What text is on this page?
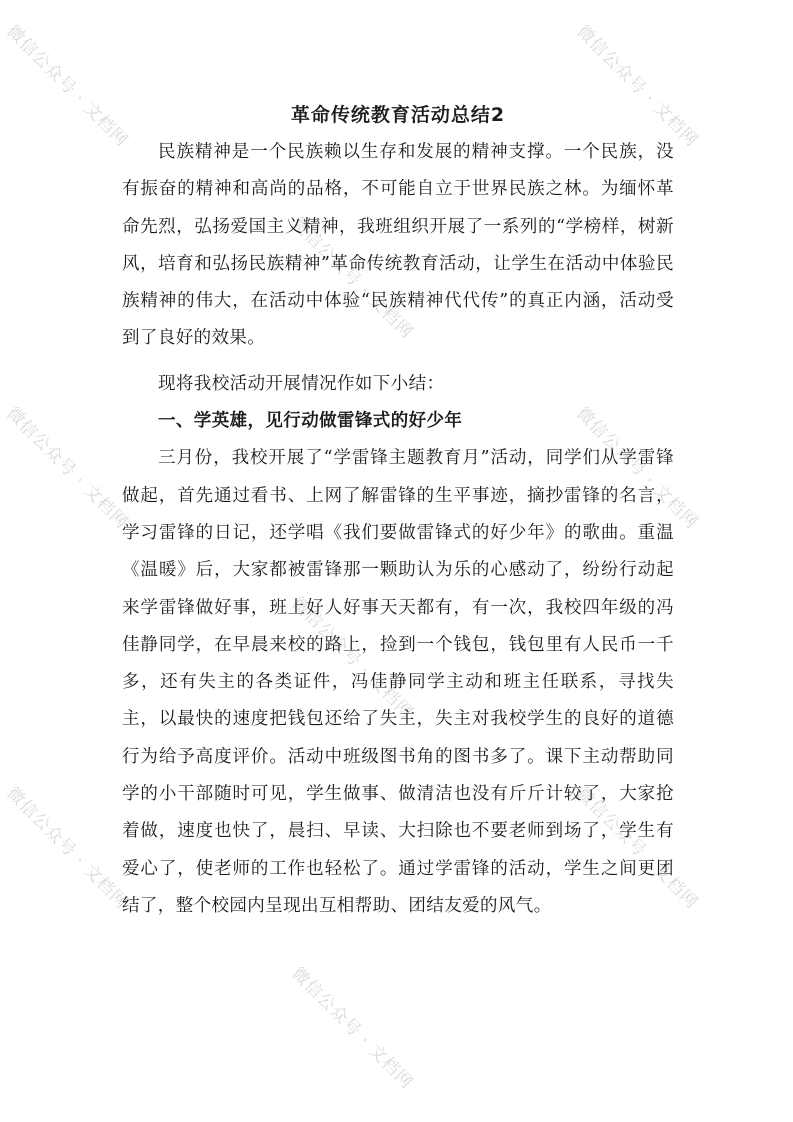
微信公众号 · 文档网	微信公众号 · 文档网
微信公众号 · 文档网
微信公众号 · 文档网	微信公众号 · 文档网
微信公众号 · 文档网
微信公众号 · 文档网	微信公众号 · 文档网
微信公众号 · 文档网
革命传统教育活动总结2

民族精神是一个民族赖以生存和发展的精神支撑。一个民族，没有振奋的精神和高尚的品格，不可能自立于世界民族之林。为缅怀革命先烈，弘扬爱国主义精神，我班组织开展了一系列的“学榜样，树新风，培育和弘扬民族精神”革命传统教育活动，让学生在活动中体验民族精神的伟大，在活动中体验“民族精神代代传”的真正内涵，活动受到了良好的效果。

现将我校活动开展情况作如下小结：

一、学英雄，见行动做雷锋式的好少年

三月份，我校开展了“学雷锋主题教育月”活动，同学们从学雷锋做起，首先通过看书、上网了解雷锋的生平事迹，摘抄雷锋的名言，学习雷锋的日记，还学唱《我们要做雷锋式的好少年》的歌曲。重温《温暖》后，大家都被雷锋那一颗助认为乐的心感动了，纷纷行动起来学雷锋做好事，班上好人好事天天都有，有一次，我校四年级的冯佳静同学，在早晨来校的路上，捡到一个钱包，钱包里有人民币一千多，还有失主的各类证件，冯佳静同学主动和班主任联系，寻找失主，以最快的速度把钱包还给了失主，失主对我校学生的良好的道德行为给予高度评价。活动中班级图书角的图书多了。课下主动帮助同学的小干部随时可见，学生做事、做清洁也没有斤斤计较了，大家抢着做，速度也快了，晨扫、早读、大扫除也不要老师到场了，学生有爱心了，使老师的工作也轻松了。通过学雷锋的活动，学生之间更团结了，整个校园内呈现出互相帮助、团结友爱的风气。
